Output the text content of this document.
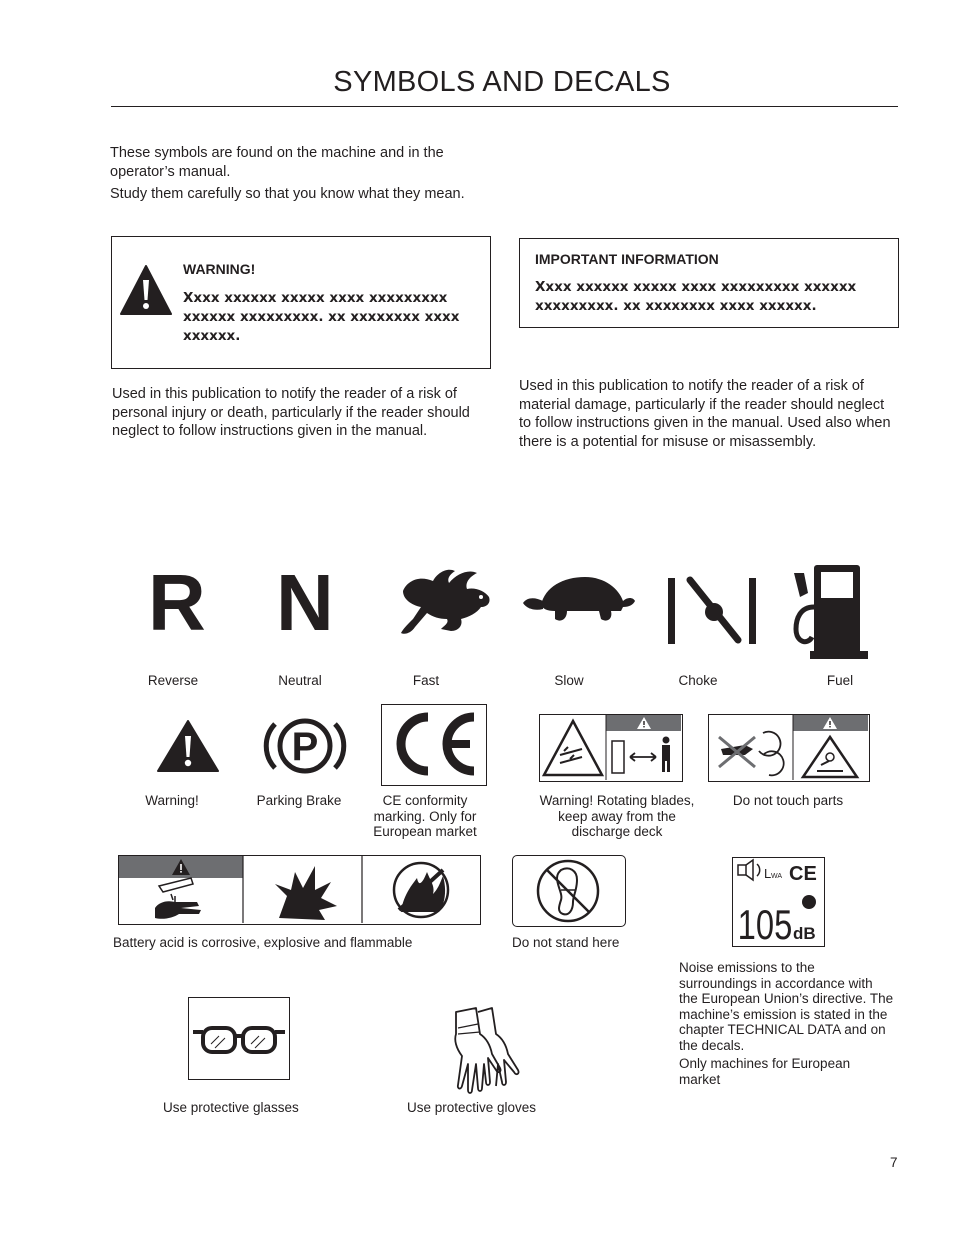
SYMBOLS AND DECALS
These symbols are found on the machine and in the operator’s manual.
Study them carefully so that you know what they mean.
WARNING!
Xxxx xxxxxx xxxxx xxxx xxxxxxxxx xxxxxx xxxxxxxxx. xx xxxxxxxx xxxx xxxxxx.
Used in this publication to notify the reader of a risk of personal injury or death, particularly if the reader should neglect to follow instructions given in the manual.
IMPORTANT INFORMATION
Xxxx xxxxxx xxxxx xxxx xxxxxxxxx xxxxxx xxxxxxxxx. xx xxxxxxxx xxxx xxxxxx.
Used in this publication to notify the reader of a risk of material damage, particularly if the reader should neglect to follow instructions given in the manual. Used also when there is a potential for misuse or misassembly.
R N
Reverse	Neutral	Fast	Slow	Choke	Fuel
P
Warning!	Parking Brake	CE conformity marking. Only for European market
Warning! Rotating blades, keep away from the discharge deck
Do not touch parts
L WA CE
105 dB
Battery acid is corrosive, explosive and flammable	Do not stand here
Noise emissions to the surroundings in accordance with the European Union’s directive. The machine’s emission is stated in the chapter TECHNICAL DATA and on the decals.
Only machines for European market
Use protective glasses	Use protective gloves
7
